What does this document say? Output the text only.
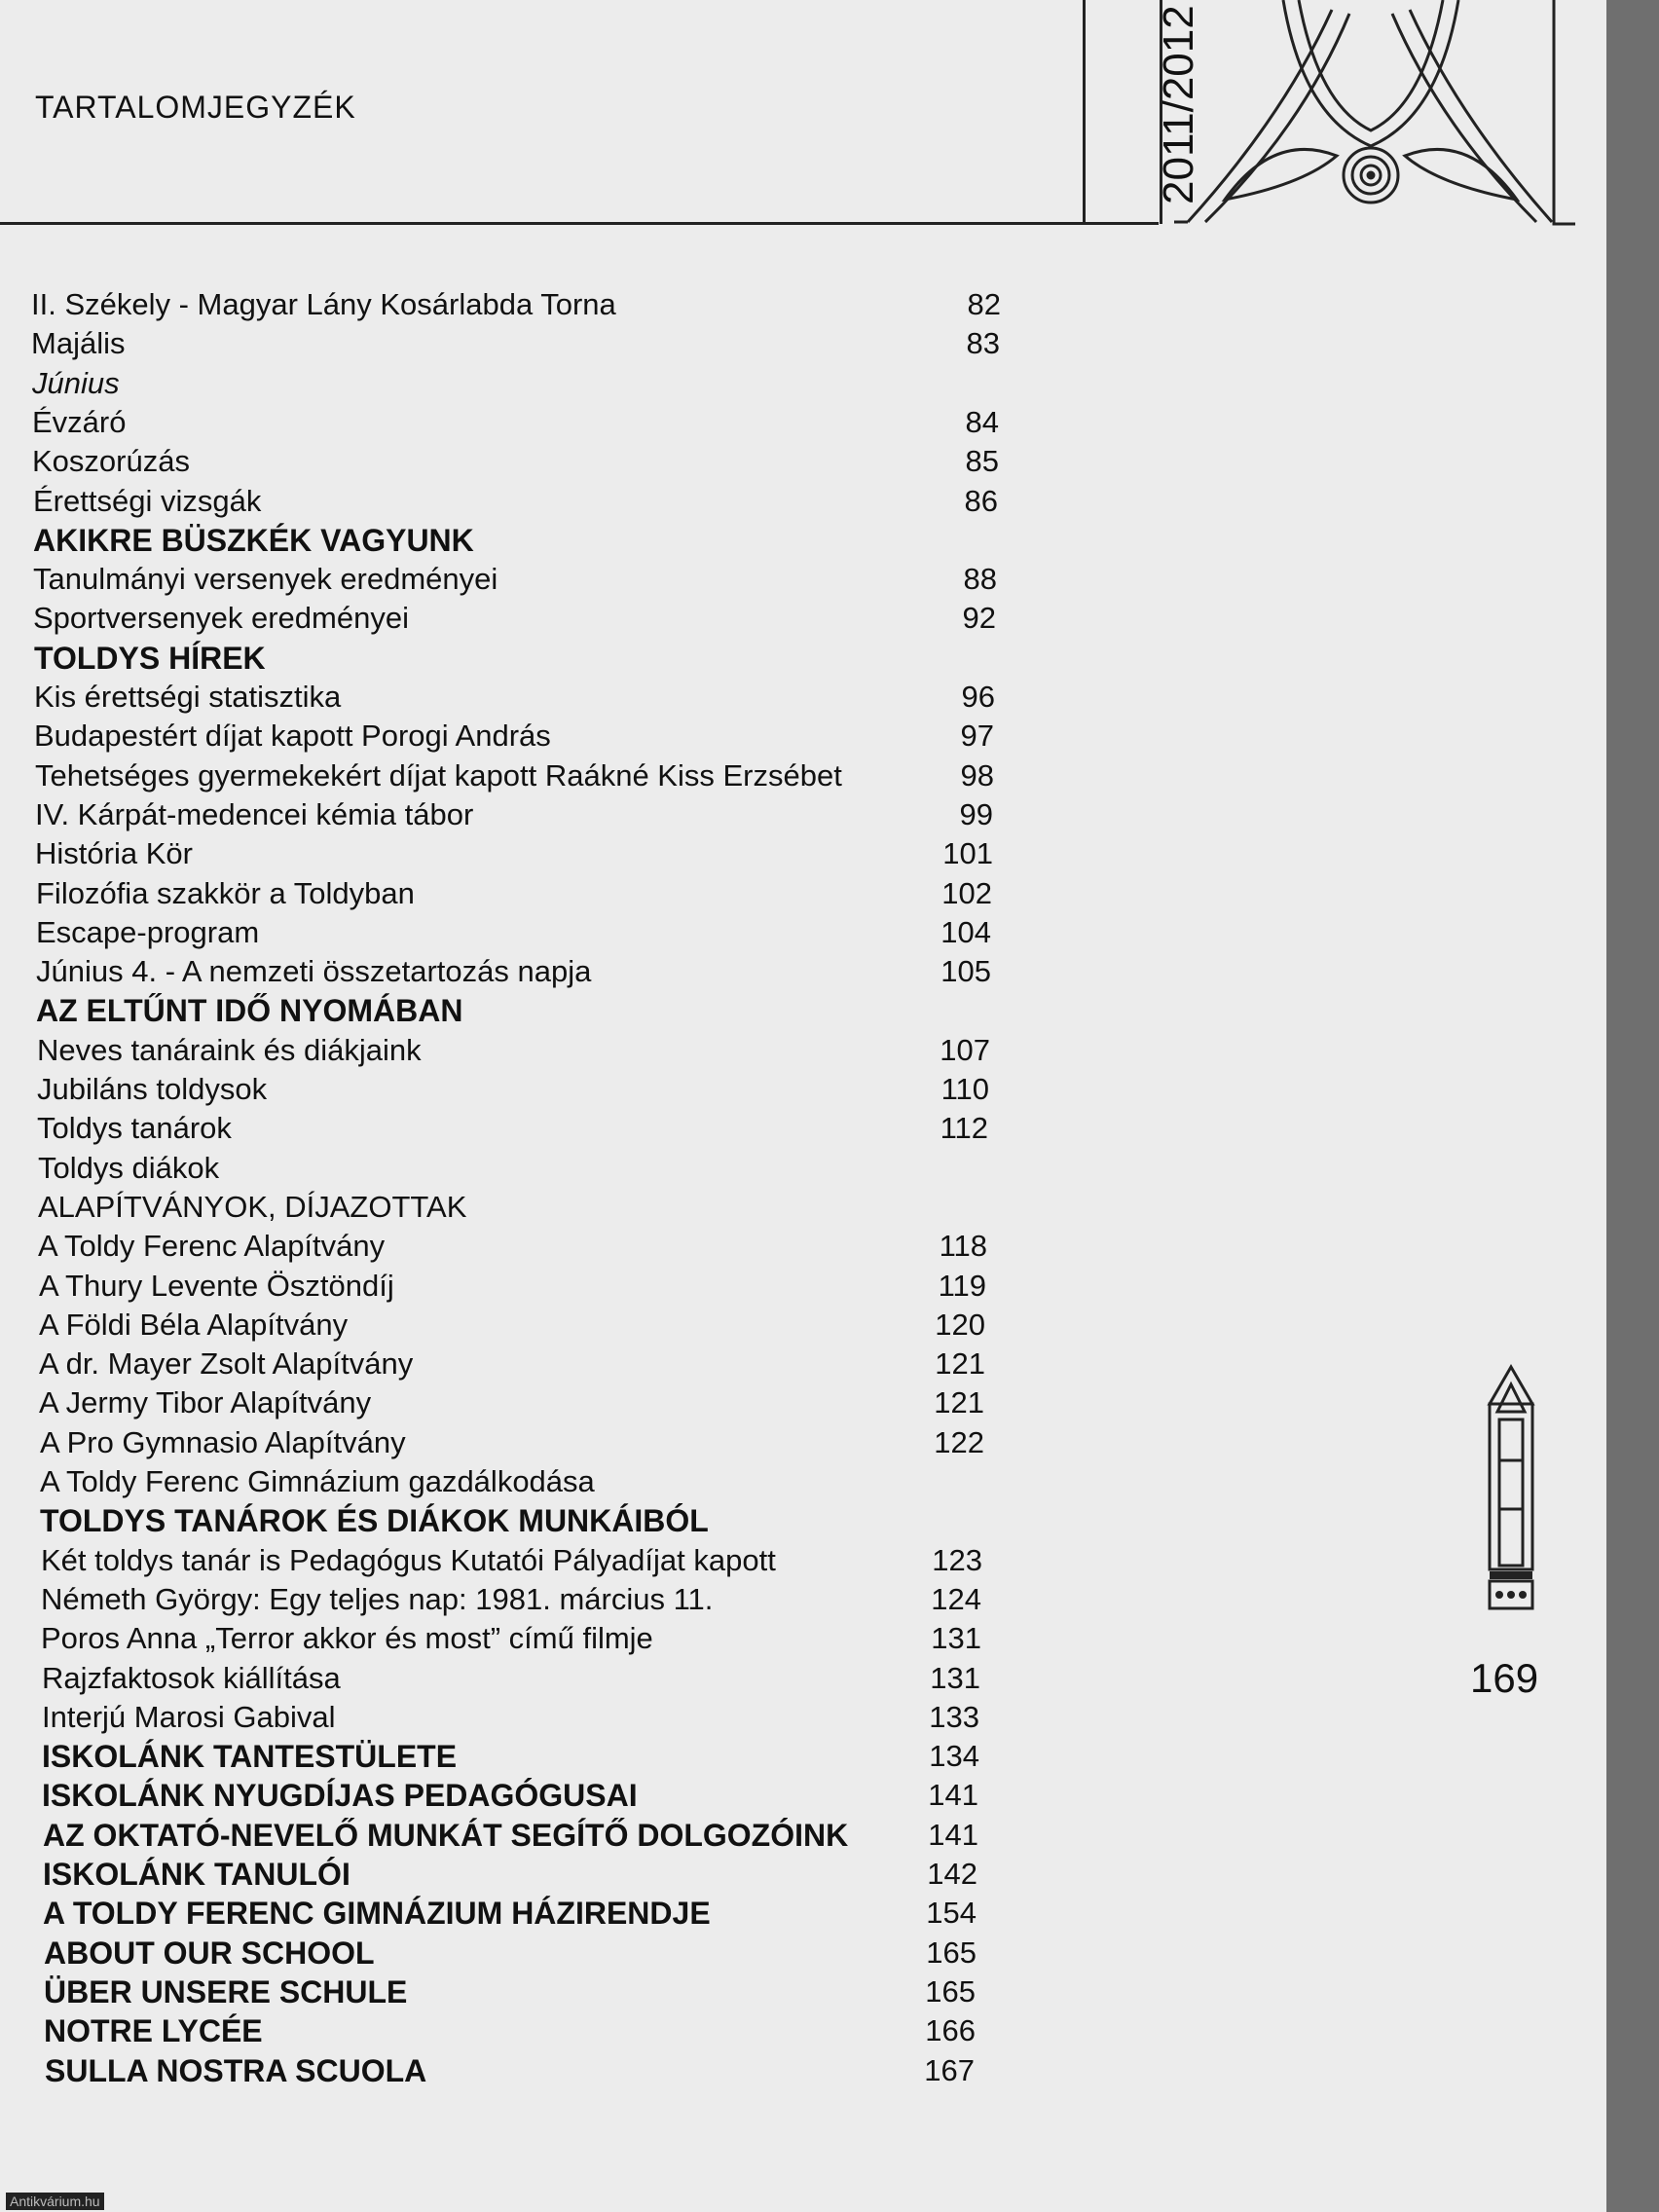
TARTALOMJEGYZÉK	2011/2012
II. Székely - Magyar Lány Kosárlabda Torna	82
Majális	83
Június
Évzáró	84
Koszorúzás	85
Érettségi vizsgák	86
AKIKRE BÜSZKÉK VAGYUNK
Tanulmányi versenyek eredményei	88
Sportversenyek eredményei	92
TOLDYS HÍREK
Kis érettségi statisztika	96
Budapestért díjat kapott Porogi András	97
Tehetséges gyermekekért díjat kapott Raákné Kiss Erzsébet	98
IV. Kárpát-medencei kémia tábor	99
História Kör	101
Filozófia szakkör a Toldyban	102
Escape-program	104
Június 4. - A nemzeti összetartozás napja	105
AZ ELTŰNT IDŐ NYOMÁBAN
Neves tanáraink és diákjaink	107
Jubiláns toldysok	110
Toldys tanárok	112
Toldys diákok
ALAPÍTVÁNYOK, DÍJAZOTTAK
A Toldy Ferenc Alapítvány	118
A Thury Levente Ösztöndíj	119
A Földi Béla Alapítvány	120
A dr. Mayer Zsolt Alapítvány	121
A Jermy Tibor Alapítvány	121
A Pro Gymnasio Alapítvány	122
A Toldy Ferenc Gimnázium gazdálkodása
TOLDYS TANÁROK ÉS DIÁKOK MUNKÁIBÓL
Két toldys tanár is Pedagógus Kutatói Pályadíjat kapott	123
Németh György: Egy teljes nap: 1981. március 11.	124
Poros Anna „Terror akkor és most” című filmje	131
Rajzfaktosok kiállítása	131
Interjú Marosi Gabival	133
ISKOLÁNK TANTESTÜLETE	134
ISKOLÁNK NYUGDÍJAS PEDAGÓGUSAI	141
AZ OKTATÓ-NEVELŐ MUNKÁT SEGÍTŐ DOLGOZÓINK	141
ISKOLÁNK TANULÓI	142
A TOLDY FERENC GIMNÁZIUM HÁZIRENDJE	154
ABOUT OUR SCHOOL	165
ÜBER UNSERE SCHULE	165
NOTRE LYCÉE	166
SULLA NOSTRA SCUOLA	167
169
Antikvárium.hu
